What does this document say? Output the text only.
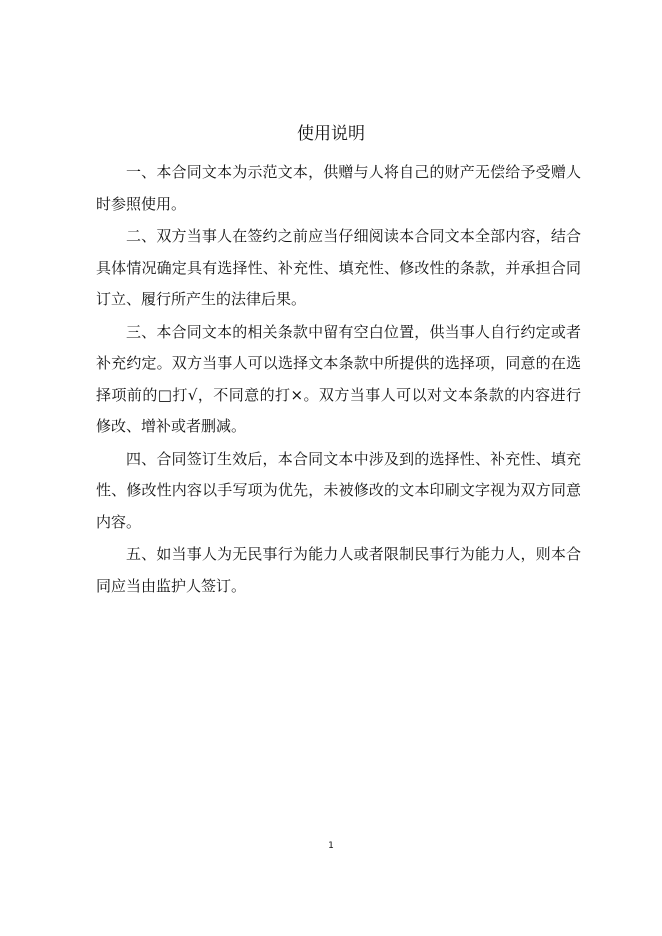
使用说明

一、本合同文本为示范文本，供赠与人将自己的财产无偿给予受赠人时参照使用。

二、双方当事人在签约之前应当仔细阅读本合同文本全部内容，结合具体情况确定具有选择性、补充性、填充性、修改性的条款，并承担合同订立、履行所产生的法律后果。

三、本合同文本的相关条款中留有空白位置，供当事人自行约定或者补充约定。双方当事人可以选择文本条款中所提供的选择项，同意的在选择项前的□打√，不同意的打×。双方当事人可以对文本条款的内容进行修改、增补或者删减。

四、合同签订生效后，本合同文本中涉及到的选择性、补充性、填充性、修改性内容以手写项为优先，未被修改的文本印刷文字视为双方同意内容。

五、如当事人为无民事行为能力人或者限制民事行为能力人，则本合同应当由监护人签订。

1
